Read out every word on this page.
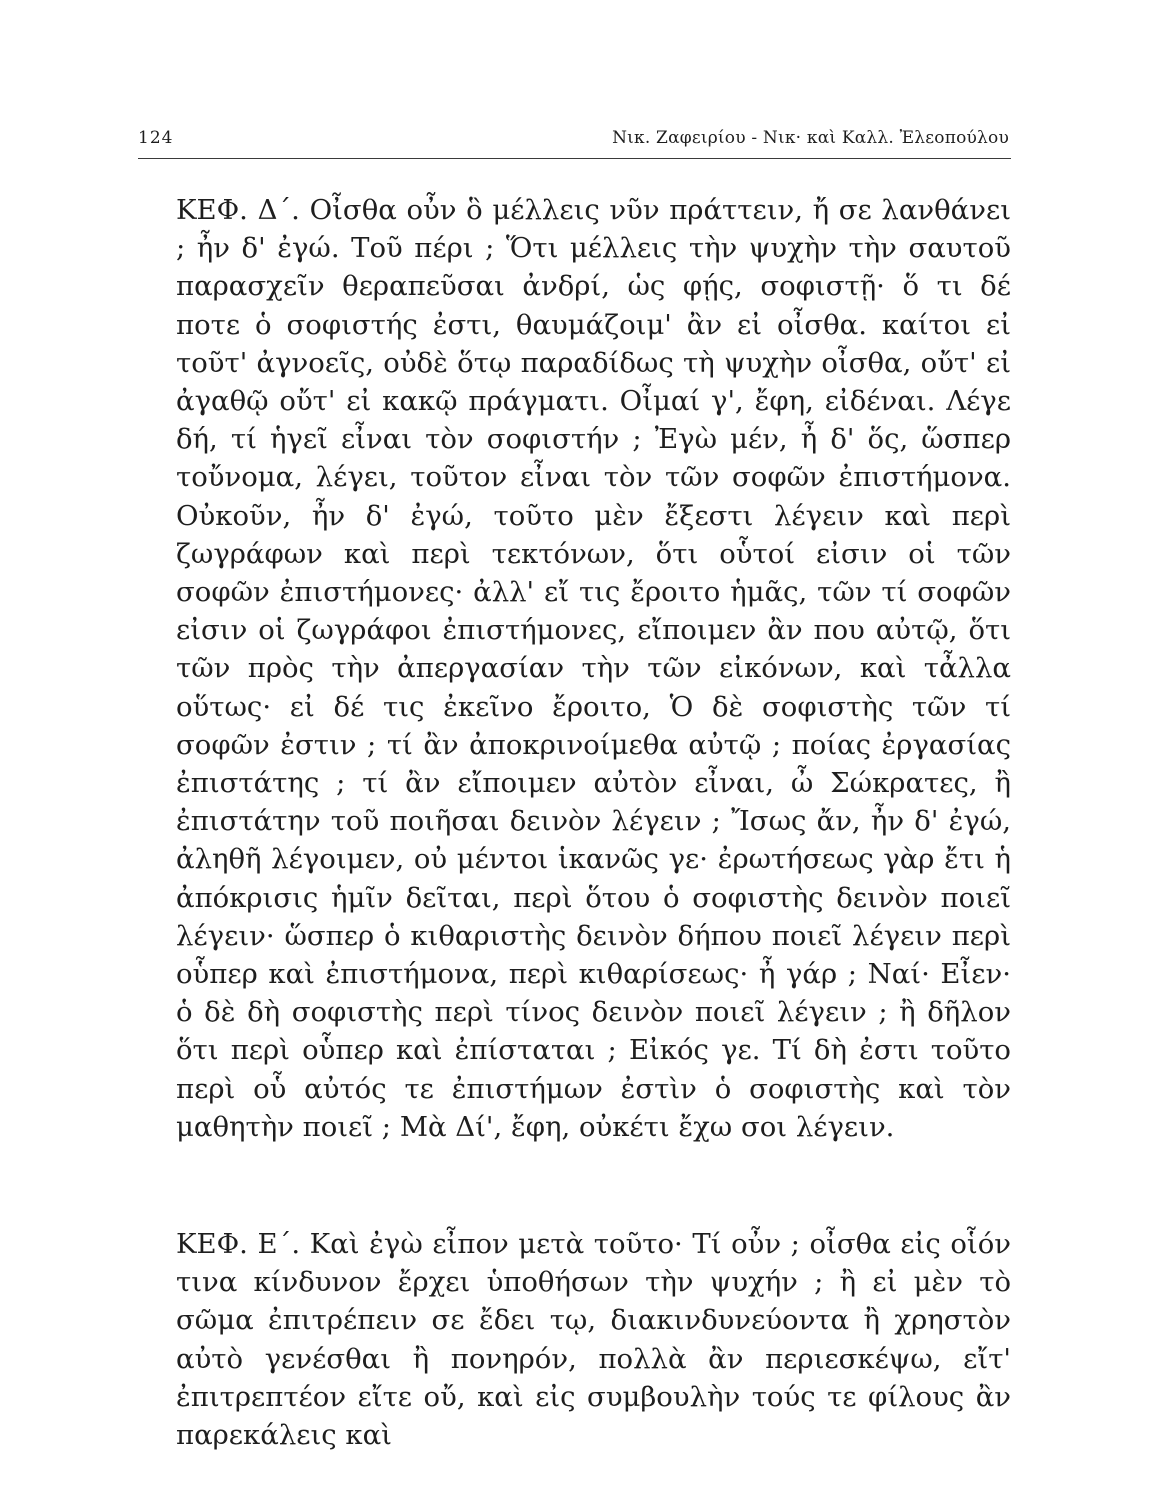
124	Νικ. Ζαφειρίου - Νικ· καὶ Καλλ. Ἐλεοπούλου

ΚΕΦ. Δ΄. Οἶσθα οὖν ὃ μέλλεις νῦν πράττειν, ἤ σε λανθάνει ; ἦν δ' ἐγώ. Τοῦ πέρι ; Ὅτι μέλλεις τὴν ψυχὴν τὴν σαυτοῦ παρασχεῖν θεραπεῦσαι ἀνδρί, ὡς φῄς, σοφιστῇ· ὅ τι δέ ποτε ὁ σοφιστής ἐστι, θαυμάζοιμ' ἂν εἰ οἶσθα. καίτοι εἰ τοῦτ' ἀγνοεῖς, οὐδὲ ὅτῳ παραδίδως τὴ ψυχὴν οἶσθα, οὔτ' εἰ ἀγαθῷ οὔτ' εἰ κακῷ πράγματι. Οἶμαί γ', ἔφη, εἰδέναι. Λέγε δή, τί ἡγεῖ εἶναι τὸν σοφιστήν ; Ἐγὼ μέν, ἦ δ' ὅς, ὥσπερ τοὔνομα, λέγει, τοῦτον εἶναι τὸν τῶν σοφῶν ἐπιστήμονα. Οὐκοῦν, ἦν δ' ἐγώ, τοῦτο μὲν ἔξεστι λέγειν καὶ περὶ ζωγράφων καὶ περὶ τεκτόνων, ὅτι οὗτοί εἰσιν οἱ τῶν σοφῶν ἐπιστήμονες· ἀλλ' εἴ τις ἔροιτο ἡμᾶς, τῶν τί σοφῶν εἰσιν οἱ ζωγράφοι ἐπιστήμονες, εἴποιμεν ἂν που αὐτῷ, ὅτι τῶν πρὸς τὴν ἀπεργασίαν τὴν τῶν εἰκόνων, καὶ τἆλλα οὕτως· εἰ δέ τις ἐκεῖνο ἔροιτο, Ὁ δὲ σοφιστὴς τῶν τί σοφῶν ἐστιν ; τί ἂν ἀποκρινοίμεθα αὐτῷ ; ποίας ἐργασίας ἐπιστάτης ; τί ἂν εἴποιμεν αὐτὸν εἶναι, ὦ Σώκρατες, ἢ ἐπιστάτην τοῦ ποιῆσαι δεινὸν λέγειν ; Ἴσως ἄν, ἦν δ' ἐγώ, ἀληθῆ λέγοιμεν, οὐ μέντοι ἱκανῶς γε· ἐρωτήσεως γὰρ ἔτι ἡ ἀπόκρισις ἡμῖν δεῖται, περὶ ὅτου ὁ σοφιστὴς δεινὸν ποιεῖ λέγειν· ὥσπερ ὁ κιθαριστὴς δεινὸν δήπου ποιεῖ λέγειν περὶ οὗπερ καὶ ἐπιστήμονα, περὶ κιθαρίσεως· ἦ γάρ ; Ναί· Εἶεν· ὁ δὲ δὴ σοφιστὴς περὶ τίνος δεινὸν ποιεῖ λέγειν ; ἢ δῆλον ὅτι περὶ οὗπερ καὶ ἐπίσταται ; Εἰκός γε. Τί δὴ ἐστι τοῦτο περὶ οὗ αὐτός τε ἐπιστήμων ἐστὶν ὁ σοφιστὴς καὶ τὸν μαθητὴν ποιεῖ ; Μὰ Δί', ἔφη, οὐκέτι ἔχω σοι λέγειν.

ΚΕΦ. Ε΄. Καὶ ἐγὼ εἶπον μετὰ τοῦτο· Τί οὖν ; οἶσθα εἰς οἷόν τινα κίνδυνον ἔρχει ὑποθήσων τὴν ψυχήν ; ἢ εἰ μὲν τὸ σῶμα ἐπιτρέπειν σε ἔδει τῳ, διακινδυνεύοντα ἢ χρηστὸν αὐτὸ γενέσθαι ἢ πονηρόν, πολλὰ ἂν περιεσκέψω, εἴτ' ἐπιτρεπτέον εἴτε οὔ, καὶ εἰς συμβουλὴν τούς τε φίλους ἂν παρεκάλεις καὶ
